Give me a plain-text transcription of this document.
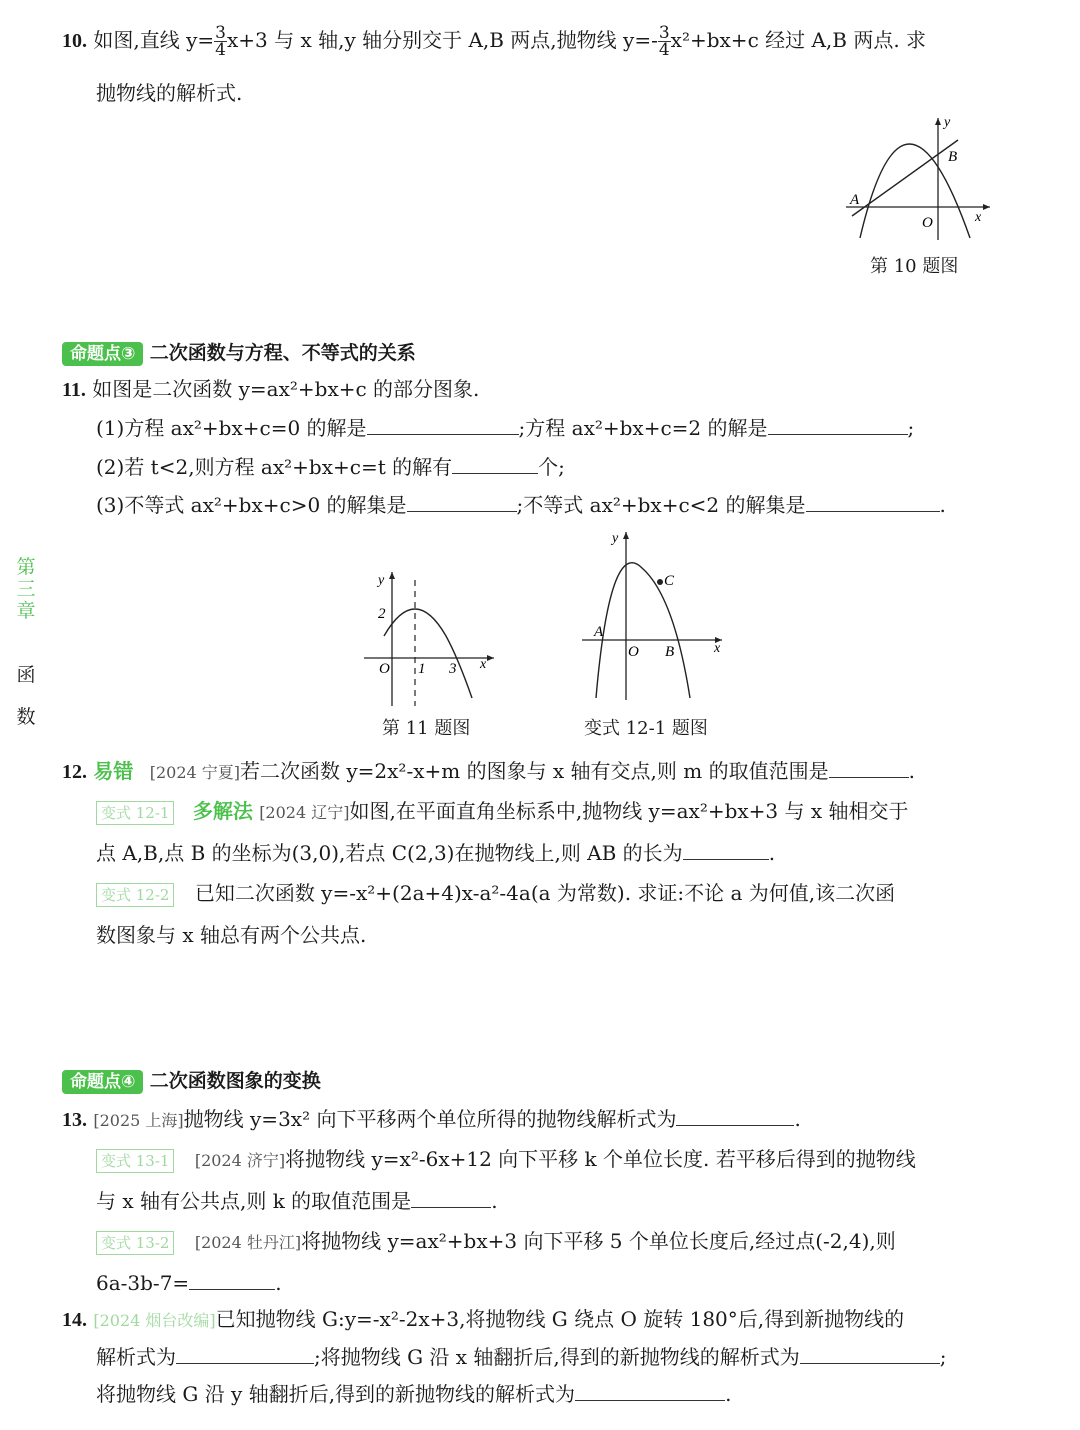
10. 如图,直线 $y= \frac{3}{4} x+3$ 与 x 轴,y 轴分别交于 A,B 两点,抛物线 $y=- \frac{3}{4} x^2+bx+c$ 经过 A,B 两点. 求
抛物线的解析式.
y
x
A
B
O
第 10 题图
命题点③ 二次函数与方程、不等式的关系
11. 如图是二次函数 y=ax²+bx+c 的部分图象.
(1)方程 ax²+bx+c=0 的解是	;方程 ax²+bx+c=2 的解是	;
(2)若 t<2,则方程 ax²+bx+c=t 的解有	个;
(3)不等式 ax²+bx+c>0 的解集是	;不等式 ax²+bx+c<2 的解集是	.
第
三
章
函
数
y
x
O
2
1 3
第 11 题图
y
x
A
B
C
O
变式 12-1 题图
12. 易错 [2024 宁夏]若二次函数 y=2x²-x+m 的图象与 x 轴有交点,则 m 的取值范围是	.
变式 12-1 多解法 [2024 辽宁]如图,在平面直角坐标系中,抛物线 y=ax²+bx+3 与 x 轴相交于
点 A,B,点 B 的坐标为(3,0),若点 C(2,3)在抛物线上,则 AB 的长为	.
变式 12-2 已知二次函数 y=-x²+(2a+4)x-a²-4a(a 为常数). 求证:不论 a 为何值,该二次函
数图象与 x 轴总有两个公共点.
命题点④ 二次函数图象的变换
13. [2025 上海]抛物线 y=3x² 向下平移两个单位所得的抛物线解析式为	.
变式 13-1 [2024 济宁]将抛物线 y=x²-6x+12 向下平移 k 个单位长度. 若平移后得到的抛物线
与 x 轴有公共点,则 k 的取值范围是	.
变式 13-2 [2024 牡丹江]将抛物线 y=ax²+bx+3 向下平移 5 个单位长度后,经过点(-2,4),则
6a-3b-7=	.
14. [2024 烟台改编]已知抛物线 G:y=-x²-2x+3,将抛物线 G 绕点 O 旋转 180°后,得到新抛物线的
解析式为	;将抛物线 G 沿 x 轴翻折后,得到的新抛物线的解析式为	;
将抛物线 G 沿 y 轴翻折后,得到的新抛物线的解析式为	.
